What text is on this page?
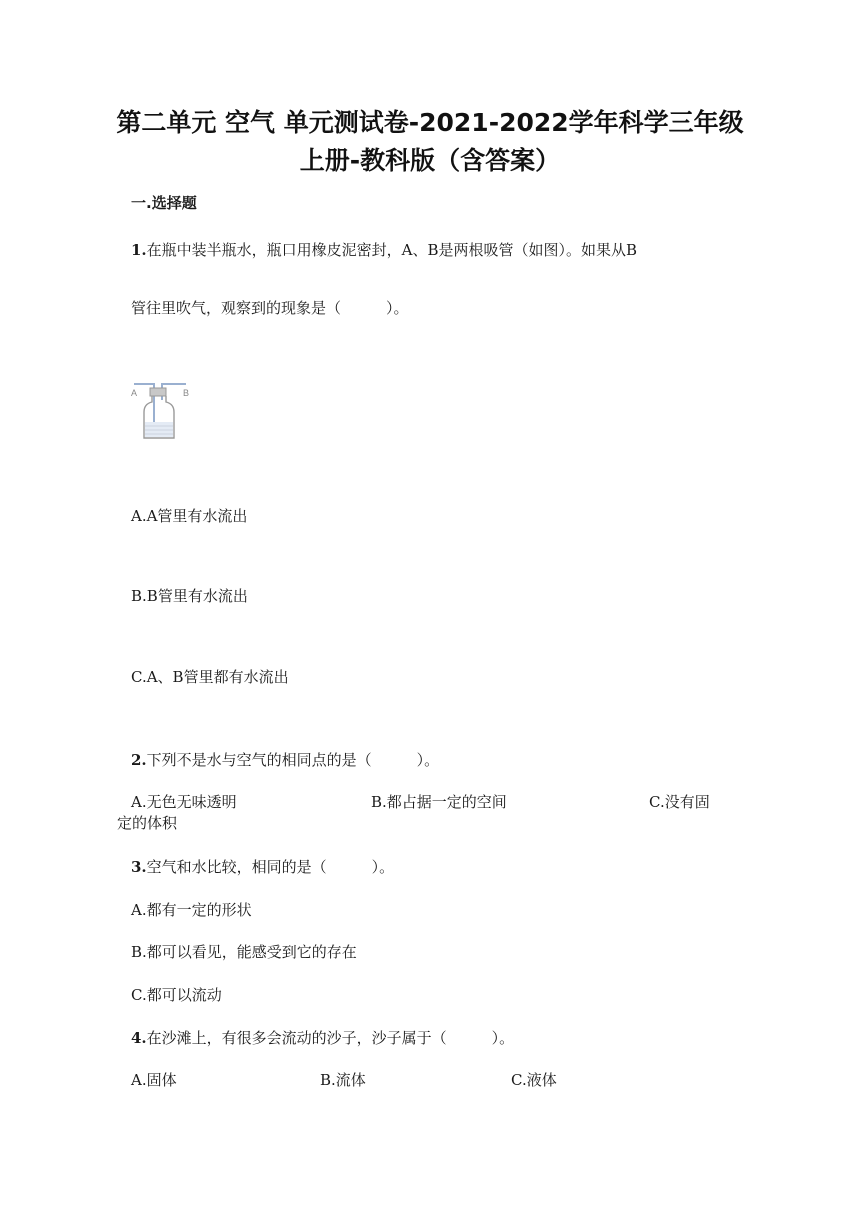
第二单元 空气 单元测试卷-2021-2022学年科学三年级上册-教科版（含答案）
一.选择题
1.在瓶中装半瓶水，瓶口用橡皮泥密封，A、B是两根吸管（如图）。如果从B
管往里吹气，观察到的现象是（　　　）。
A	B
A.A管里有水流出
B.B管里有水流出
C.A、B管里都有水流出
2.下列不是水与空气的相同点的是（　　　）。
A.无色无味透明	B.都占据一定的空间	C.没有固
定的体积
3.空气和水比较，相同的是（　　　）。
A.都有一定的形状
B.都可以看见，能感受到它的存在
C.都可以流动
4.在沙滩上，有很多会流动的沙子，沙子属于（　　　）。
A.固体	B.流体	C.液体
